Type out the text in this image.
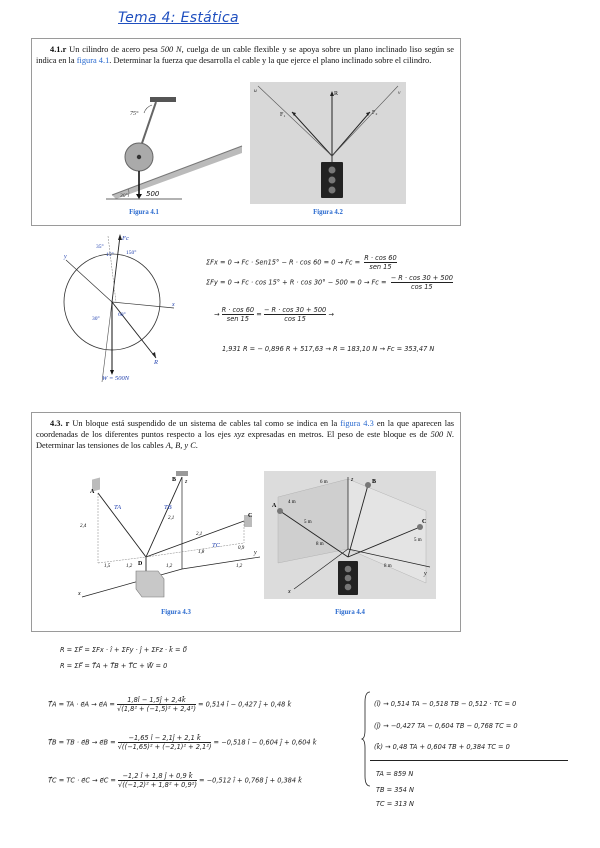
Tema 4: Estática
4.1.r Un cilindro de acero pesa 500 N, cuelga de un cable flexible y se apoya sobre un plano inclinado liso según se indica en la figura 4.1. Determinar la fuerza que desarrolla el cable y la que ejerce el plano inclinado sobre el cilindro.
75°
30°	500
Figura 4.1
R
F₁	F₂
u	v
Figura 4.2
y
x
Fc
35°
15° 150°
R
W = 500N
30°
60°
ΣFx = 0 → Fc · Sen15° − R · cos 60 = 0 → Fc =
R · cos 60
sen 15
$\Sigma Fy = 0 \to Fc \cdot \cos 15^\circ + R \cdot \cos 30^\circ - 500 = 0 \to Fc = \frac{- R \cdot \cos 30 + 500}{\cos 15}$
→
R · cos 60
sen 15
= $\frac{- R \cdot \cos 30 + 500}{\cos 15}$ →
1,931 R = − 0,896 R + 517,63 → R = 183,10 N → Fc = 353,47 N
4.3. r Un bloque está suspendido de un sistema de cables tal como se indica en la figura 4.3 en la que aparecen las coordenadas de los diferentes puntos respecto a los ejes xyz expresadas en metros. El peso de este bloque es de 500 N. Determinar las tensiones de los cables A, B, y C.
z
x
y
A
B
C
D
TA	TB
TC
2,4
2,1
2,1
1,8
0,9
1,5	1,2	1,2	1,2
Figura 4.3
z
x
y
A
B
C
6 m
4 m
5 m
5 m
8 m
8 m
Figura 4.4
R = ΣF⃗ = ΣFx · î + ΣFy · ĵ + ΣFz · k̂ = 0⃗
R = ΣF⃗ = T⃗A + T⃗B + T⃗C + W⃗ = 0
T⃗A = TA · e⃗A → e⃗A = $\frac{1,8î - 1,5ĵ + 2,4k̂}{\text{√(1,8² + (−1,5)² + 2,4²)}} = 0,514$ î − 0,427 ĵ + 0,48 k̂
T⃗B = TB · e⃗B → e⃗B = $\frac{-1,65 î - 2,1ĵ + 2,1 k̂}{\text{√((−1,65)² + (−2,1)² + 2,1²)}} = -0,518$ î − 0,604 ĵ + 0,604 k̂
T⃗C = TC · e⃗C → e⃗C = $\frac{-1,2 î + 1,8 ĵ + 0,9 k̂}{\text{√((−1,2)² + 1,8² + 0,9²)}} = -0,512$ î + 0,768 ĵ + 0,384 k̂
(î) → 0,514 TA − 0,518 TB − 0,512 · TC = 0
(ĵ) → −0,427 TA − 0,604 TB − 0,768 TC = 0
(k̂) → 0,48 TA + 0,604 TB + 0,384 TC = 0
TA = 859 N
TB = 354 N
TC = 313 N
